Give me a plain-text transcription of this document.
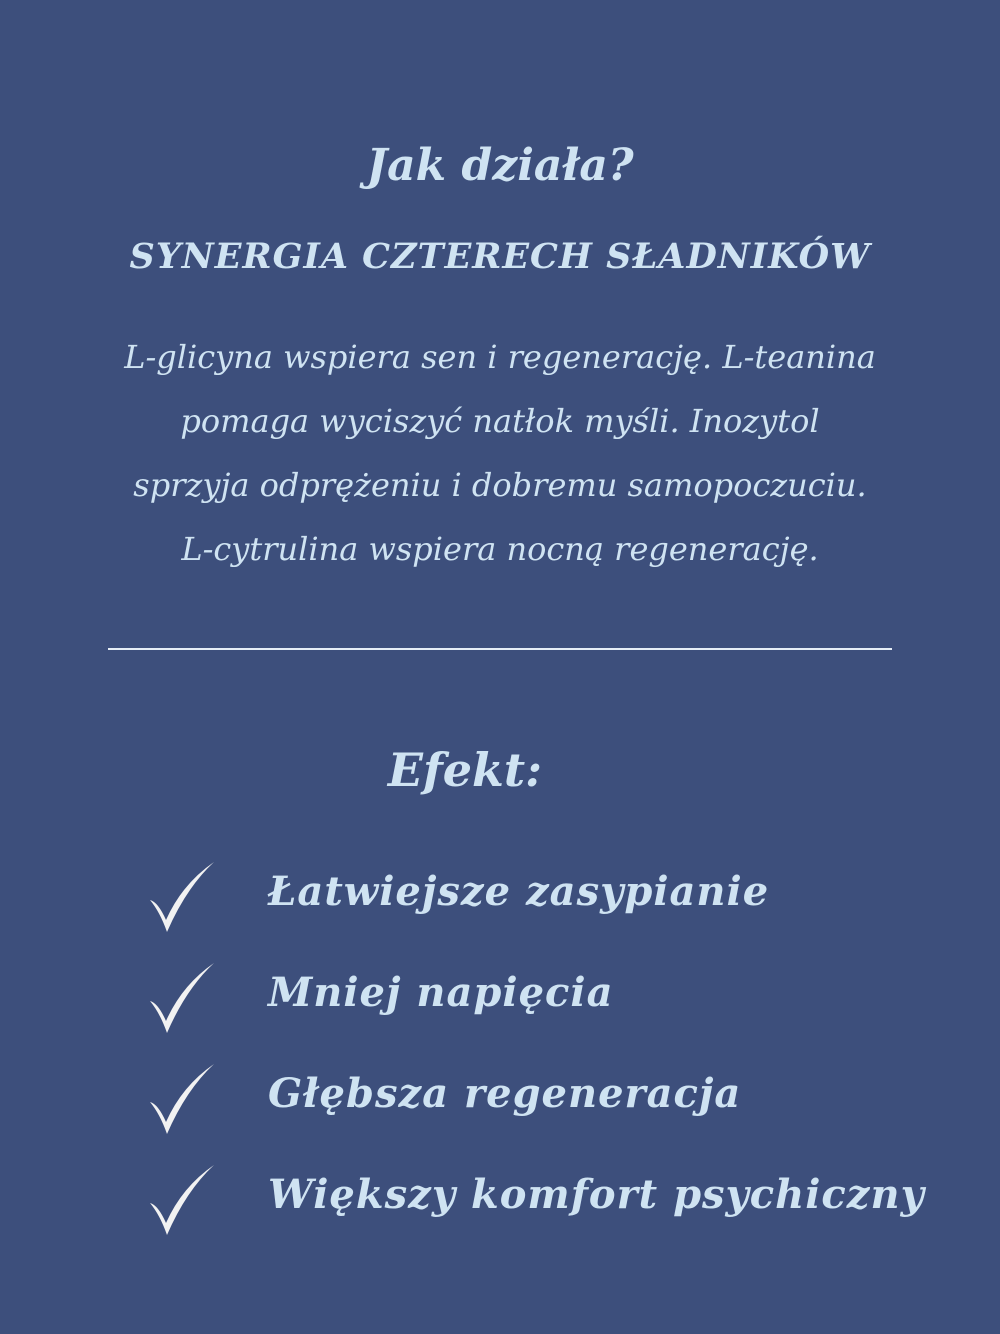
Jak działa?
SYNERGIA CZTERECH SŁADNIKÓW
L-glicyna wspiera sen i regenerację. L-teanina
pomaga wyciszyć natłok myśli. Inozytol
sprzyja odprężeniu i dobremu samopoczuciu.
L-cytrulina wspiera nocną regenerację.
Efekt:
Łatwiejsze zasypianie
Mniej napięcia
Głębsza regeneracja
Większy komfort psychiczny
